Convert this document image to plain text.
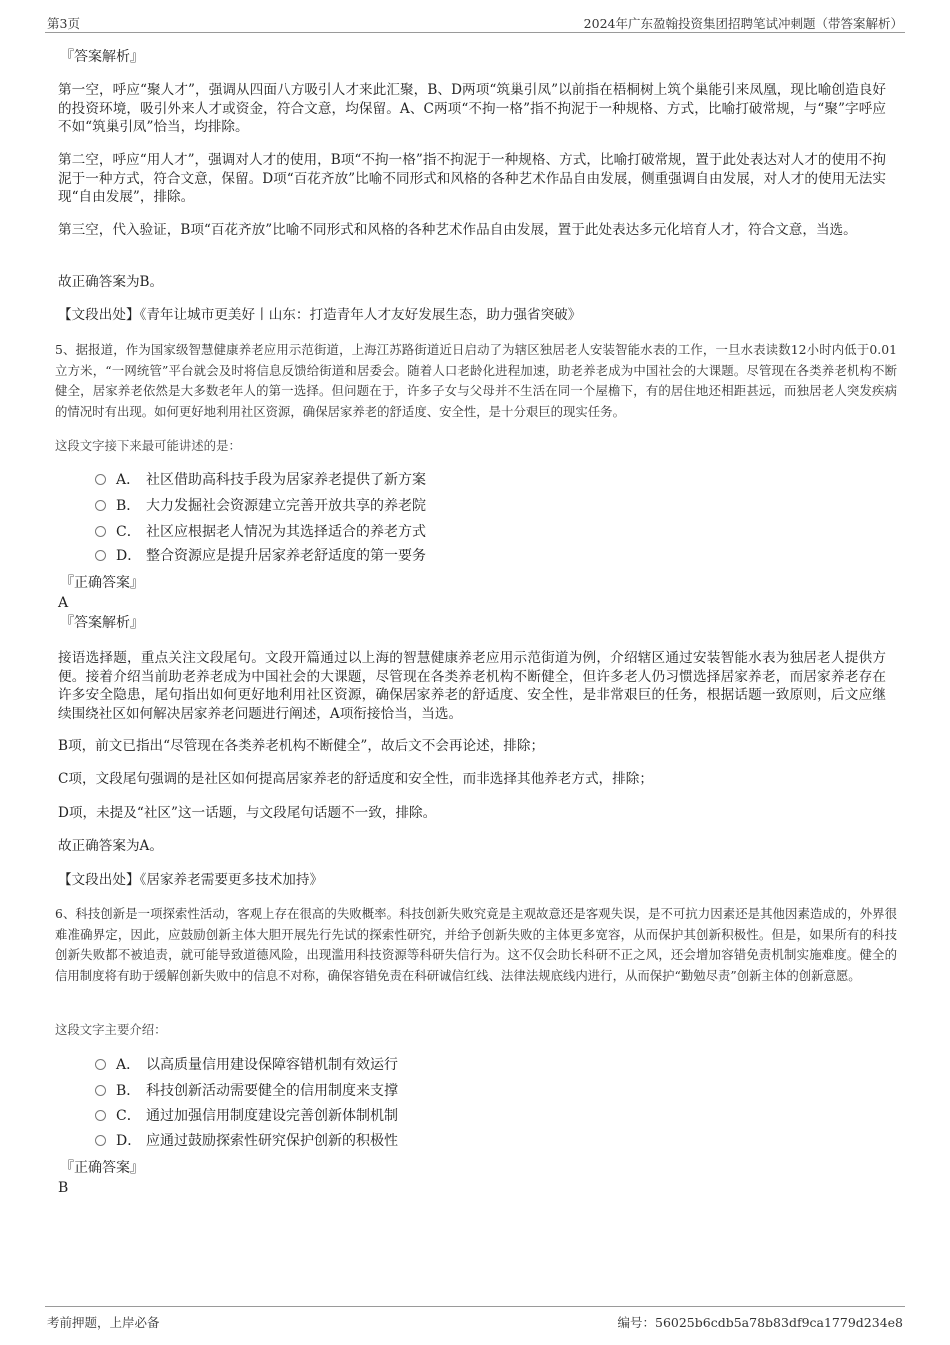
第3页	2024年广东盈翰投资集团招聘笔试冲刺题（带答案解析）
『答案解析』
第一空，呼应“聚人才”，强调从四面八方吸引人才来此汇聚，B、D两项“筑巢引凤”以前指在梧桐树上筑个巢能引来凤凰，现比喻创造良好的投资环境，吸引外来人才或资金，符合文意，均保留。A、C两项“不拘一格”指不拘泥于一种规格、方式，比喻打破常规，与“聚”字呼应不如“筑巢引凤”恰当，均排除。
第二空，呼应“用人才”，强调对人才的使用，B项“不拘一格”指不拘泥于一种规格、方式，比喻打破常规，置于此处表达对人才的使用不拘泥于一种方式，符合文意，保留。D项“百花齐放”比喻不同形式和风格的各种艺术作品自由发展，侧重强调自由发展，对人才的使用无法实现“自由发展”，排除。
第三空，代入验证，B项“百花齐放”比喻不同形式和风格的各种艺术作品自由发展，置于此处表达多元化培育人才，符合文意，当选。
故正确答案为B。
【文段出处】《青年让城市更美好丨山东：打造青年人才友好发展生态，助力强省突破》
5、据报道，作为国家级智慧健康养老应用示范街道，上海江苏路街道近日启动了为辖区独居老人安装智能水表的工作，一旦水表读数12小时内低于0.01立方米，“一网统管”平台就会及时将信息反馈给街道和居委会。随着人口老龄化进程加速，助老养老成为中国社会的大课题。尽管现在各类养老机构不断健全，居家养老依然是大多数老年人的第一选择。但问题在于，许多子女与父母并不生活在同一个屋檐下，有的居住地还相距甚远，而独居老人突发疾病的情况时有出现。如何更好地利用社区资源，确保居家养老的舒适度、安全性，是十分艰巨的现实任务。
这段文字接下来最可能讲述的是：
A． 社区借助高科技手段为居家养老提供了新方案
B． 大力发掘社会资源建立完善开放共享的养老院
C． 社区应根据老人情况为其选择适合的养老方式
D． 整合资源应是提升居家养老舒适度的第一要务
『正确答案』
A
『答案解析』
接语选择题，重点关注文段尾句。文段开篇通过以上海的智慧健康养老应用示范街道为例，介绍辖区通过安装智能水表为独居老人提供方便。接着介绍当前助老养老成为中国社会的大课题，尽管现在各类养老机构不断健全，但许多老人仍习惯选择居家养老，而居家养老存在许多安全隐患，尾句指出如何更好地利用社区资源，确保居家养老的舒适度、安全性，是非常艰巨的任务，根据话题一致原则，后文应继续围绕社区如何解决居家养老问题进行阐述，A项衔接恰当，当选。
B项，前文已指出“尽管现在各类养老机构不断健全”，故后文不会再论述，排除；
C项，文段尾句强调的是社区如何提高居家养老的舒适度和安全性，而非选择其他养老方式，排除；
D项，未提及“社区”这一话题，与文段尾句话题不一致，排除。
故正确答案为A。
【文段出处】《居家养老需要更多技术加持》
6、科技创新是一项探索性活动，客观上存在很高的失败概率。科技创新失败究竟是主观故意还是客观失误，是不可抗力因素还是其他因素造成的，外界很难准确界定，因此，应鼓励创新主体大胆开展先行先试的探索性研究，并给予创新失败的主体更多宽容，从而保护其创新积极性。但是，如果所有的科技创新失败都不被追责，就可能导致道德风险，出现滥用科技资源等科研失信行为。这不仅会助长科研不正之风，还会增加容错免责机制实施难度。健全的信用制度将有助于缓解创新失败中的信息不对称，确保容错免责在科研诚信红线、法律法规底线内进行，从而保护“勤勉尽责”创新主体的创新意愿。
这段文字主要介绍：
A． 以高质量信用建设保障容错机制有效运行
B． 科技创新活动需要健全的信用制度来支撑
C． 通过加强信用制度建设完善创新体制机制
D． 应通过鼓励探索性研究保护创新的积极性
『正确答案』
B
考前押题，上岸必备	编号：56025b6cdb5a78b83df9ca1779d234e8
